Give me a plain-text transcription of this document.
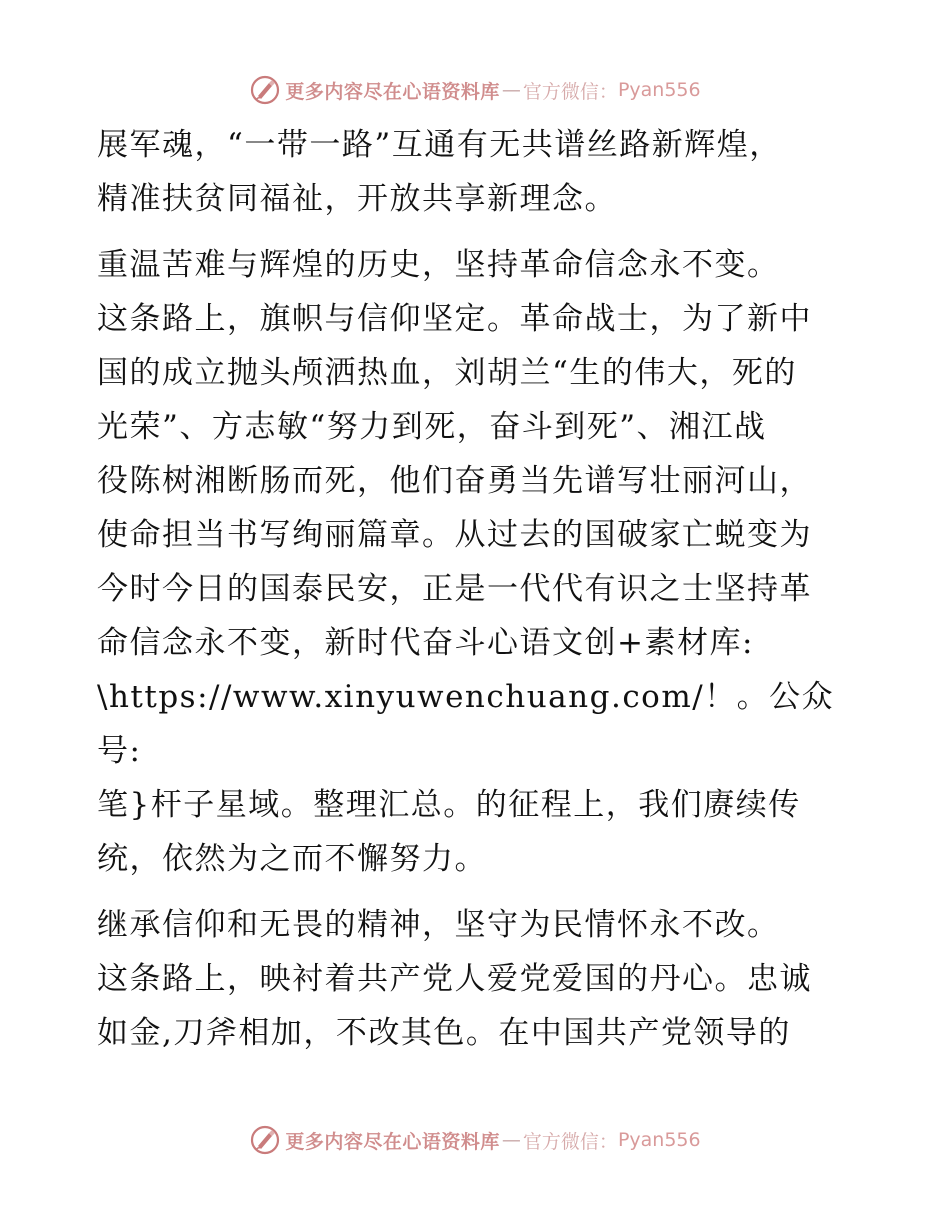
更多内容尽在心语资料库 — 官方微信： Pyan556

展军魂，“一带一路”互通有无共谱丝路新辉煌，
精准扶贫同福祉，开放共享新理念。

重温苦难与辉煌的历史，坚持革命信念永不变。
这条路上，旗帜与信仰坚定。革命战士，为了新中
国的成立抛头颅洒热血，刘胡兰“生的伟大，死的
光荣”、方志敏“努力到死，奋斗到死”、湘江战
役陈树湘断肠而死，他们奋勇当先谱写壮丽河山，
使命担当书写绚丽篇章。从过去的国破家亡蜕变为
今时今日的国泰民安，正是一代代有识之士坚持革
命信念永不变，新时代奋斗心语文创+素材库:
\https://www.xinyuwenchuang.com/！。公众号:
笔}杆子星域。整理汇总。的征程上，我们赓续传
统，依然为之而不懈努力。

继承信仰和无畏的精神，坚守为民情怀永不改。
这条路上，映衬着共产党人爱党爱国的丹心。忠诚
如金,刀斧相加，不改其色。在中国共产党领导的

更多内容尽在心语资料库 — 官方微信： Pyan556
